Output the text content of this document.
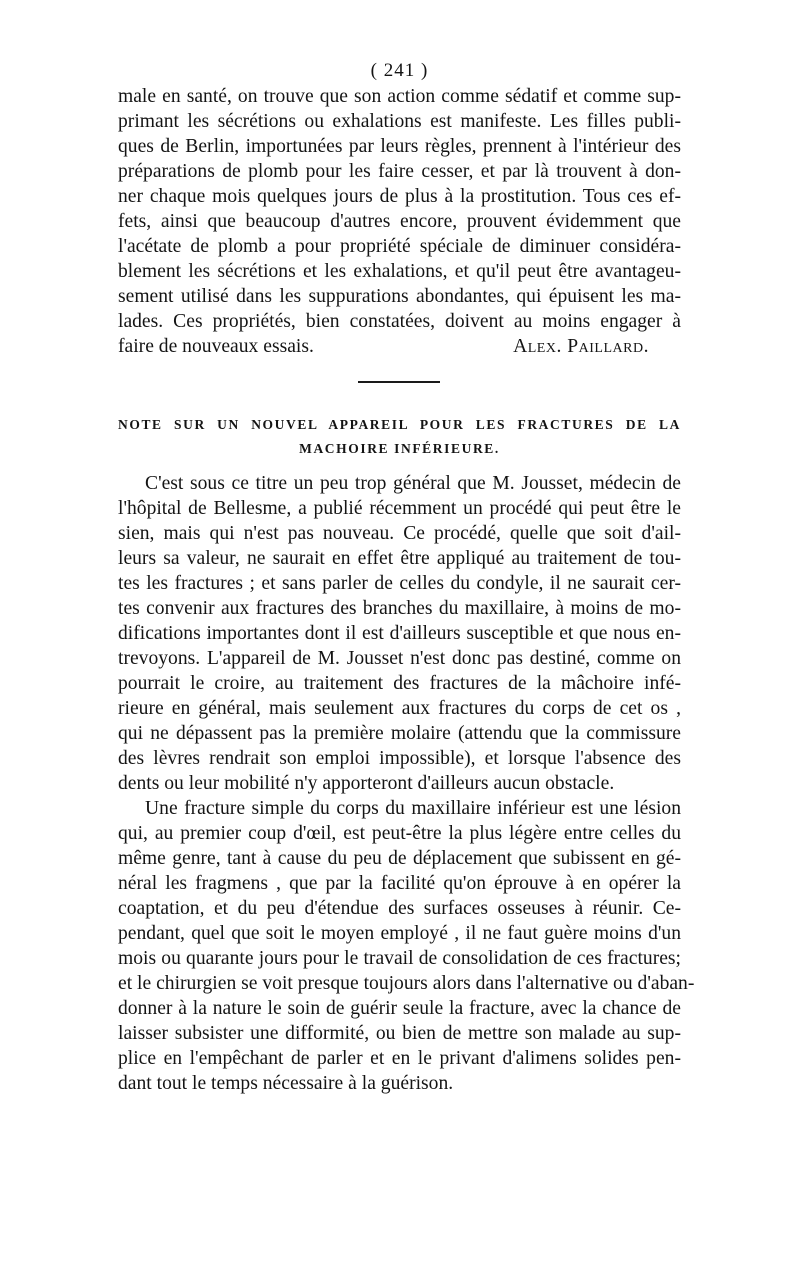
( 241 )
male en santé, on trouve que son action comme sédatif et comme sup-
primant les sécrétions ou exhalations est manifeste. Les filles publi-
ques de Berlin, importunées par leurs règles, prennent à l'intérieur des
préparations de plomb pour les faire cesser, et par là trouvent à don-
ner chaque mois quelques jours de plus à la prostitution. Tous ces ef-
fets, ainsi que beaucoup d'autres encore, prouvent évidemment que
l'acétate de plomb a pour propriété spéciale de diminuer considéra-
blement les sécrétions et les exhalations, et qu'il peut être avantageu-
sement utilisé dans les suppurations abondantes, qui épuisent les ma-
lades. Ces propriétés, bien constatées, doivent au moins engager à
faire de nouveaux essais.	Alex. Paillard.
NOTE SUR UN NOUVEL APPAREIL POUR LES FRACTURES DE LA
MACHOIRE INFÉRIEURE.
C'est sous ce titre un peu trop général que M. Jousset, médecin de
l'hôpital de Bellesme, a publié récemment un procédé qui peut être le
sien, mais qui n'est pas nouveau. Ce procédé, quelle que soit d'ail-
leurs sa valeur, ne saurait en effet être appliqué au traitement de tou-
tes les fractures ; et sans parler de celles du condyle, il ne saurait cer-
tes convenir aux fractures des branches du maxillaire, à moins de mo-
difications importantes dont il est d'ailleurs susceptible et que nous en-
trevoyons. L'appareil de M. Jousset n'est donc pas destiné, comme on
pourrait le croire, au traitement des fractures de la mâchoire infé-
rieure en général, mais seulement aux fractures du corps de cet os ,
qui ne dépassent pas la première molaire (attendu que la commissure
des lèvres rendrait son emploi impossible), et lorsque l'absence des
dents ou leur mobilité n'y apporteront d'ailleurs aucun obstacle.
Une fracture simple du corps du maxillaire inférieur est une lésion
qui, au premier coup d'œil, est peut-être la plus légère entre celles du
même genre, tant à cause du peu de déplacement que subissent en gé-
néral les fragmens , que par la facilité qu'on éprouve à en opérer la
coaptation, et du peu d'étendue des surfaces osseuses à réunir. Ce-
pendant, quel que soit le moyen employé , il ne faut guère moins d'un
mois ou quarante jours pour le travail de consolidation de ces fractures;
et le chirurgien se voit presque toujours alors dans l'alternative ou d'aban-
donner à la nature le soin de guérir seule la fracture, avec la chance de
laisser subsister une difformité, ou bien de mettre son malade au sup-
plice en l'empêchant de parler et en le privant d'alimens solides pen-
dant tout le temps nécessaire à la guérison.
